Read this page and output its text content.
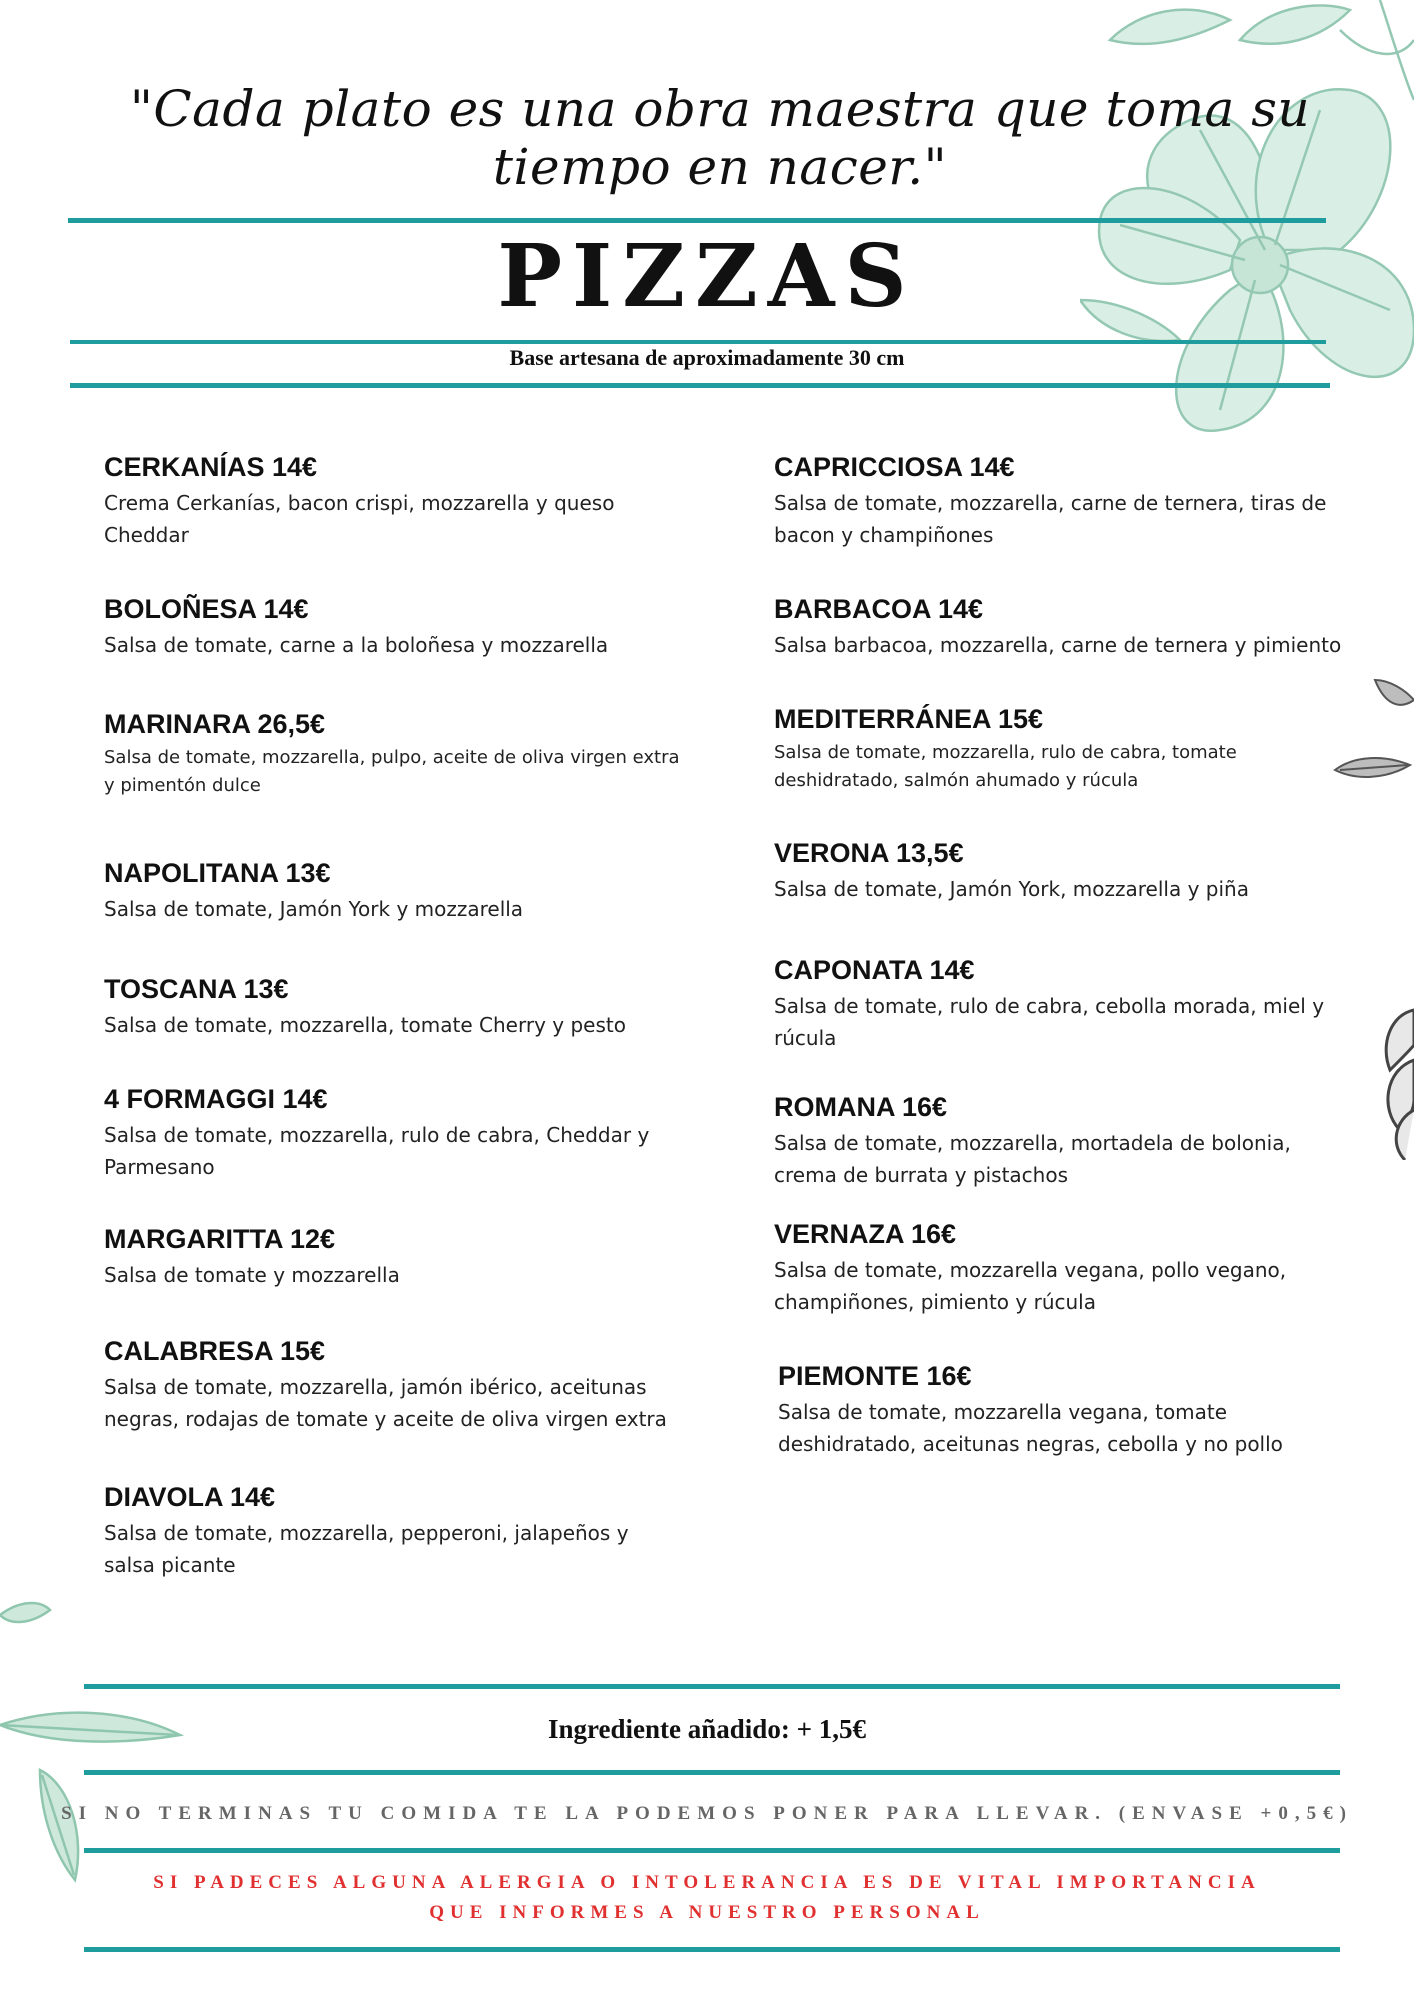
"Cada plato es una obra maestra que toma su tiempo en nacer."
PIZZAS
Base artesana de aproximadamente 30 cm
CERKANÍAS 14€
Crema Cerkanías, bacon crispi, mozzarella y queso Cheddar
BOLOÑESA 14€
Salsa de tomate, carne a la boloñesa y mozzarella
MARINARA 26,5€
Salsa de tomate, mozzarella, pulpo, aceite de oliva virgen extra y pimentón dulce
NAPOLITANA 13€
Salsa de tomate, Jamón York y mozzarella
TOSCANA 13€
Salsa de tomate, mozzarella, tomate Cherry y pesto
4 FORMAGGI 14€
Salsa de tomate, mozzarella, rulo de cabra, Cheddar y Parmesano
MARGARITTA 12€
Salsa de tomate y mozzarella
CALABRESA 15€
Salsa de tomate, mozzarella, jamón ibérico, aceitunas negras, rodajas de tomate y aceite de oliva virgen extra
DIAVOLA 14€
Salsa de tomate, mozzarella, pepperoni, jalapeños y salsa picante
CAPRICCIOSA 14€
Salsa de tomate, mozzarella, carne de ternera, tiras de bacon y champiñones
BARBACOA 14€
Salsa barbacoa, mozzarella, carne de ternera y pimiento
MEDITERRÁNEA 15€
Salsa de tomate, mozzarella, rulo de cabra, tomate deshidratado, salmón ahumado y rúcula
VERONA 13,5€
Salsa de tomate, Jamón York, mozzarella y piña
CAPONATA 14€
Salsa de tomate, rulo de cabra, cebolla morada, miel y rúcula
ROMANA 16€
Salsa de tomate, mozzarella, mortadela de bolonia, crema de burrata y pistachos
VERNAZA 16€
Salsa de tomate, mozzarella vegana, pollo vegano, champiñones, pimiento y rúcula
PIEMONTE 16€
Salsa de tomate, mozzarella vegana, tomate deshidratado, aceitunas negras, cebolla y no pollo
Ingrediente añadido: + 1,5€
SI NO TERMINAS TU COMIDA TE LA PODEMOS PONER PARA LLEVAR. (ENVASE +0,5€)
SI PADECES ALGUNA ALERGIA O INTOLERANCIA ES DE VITAL IMPORTANCIA
QUE INFORMES A NUESTRO PERSONAL
